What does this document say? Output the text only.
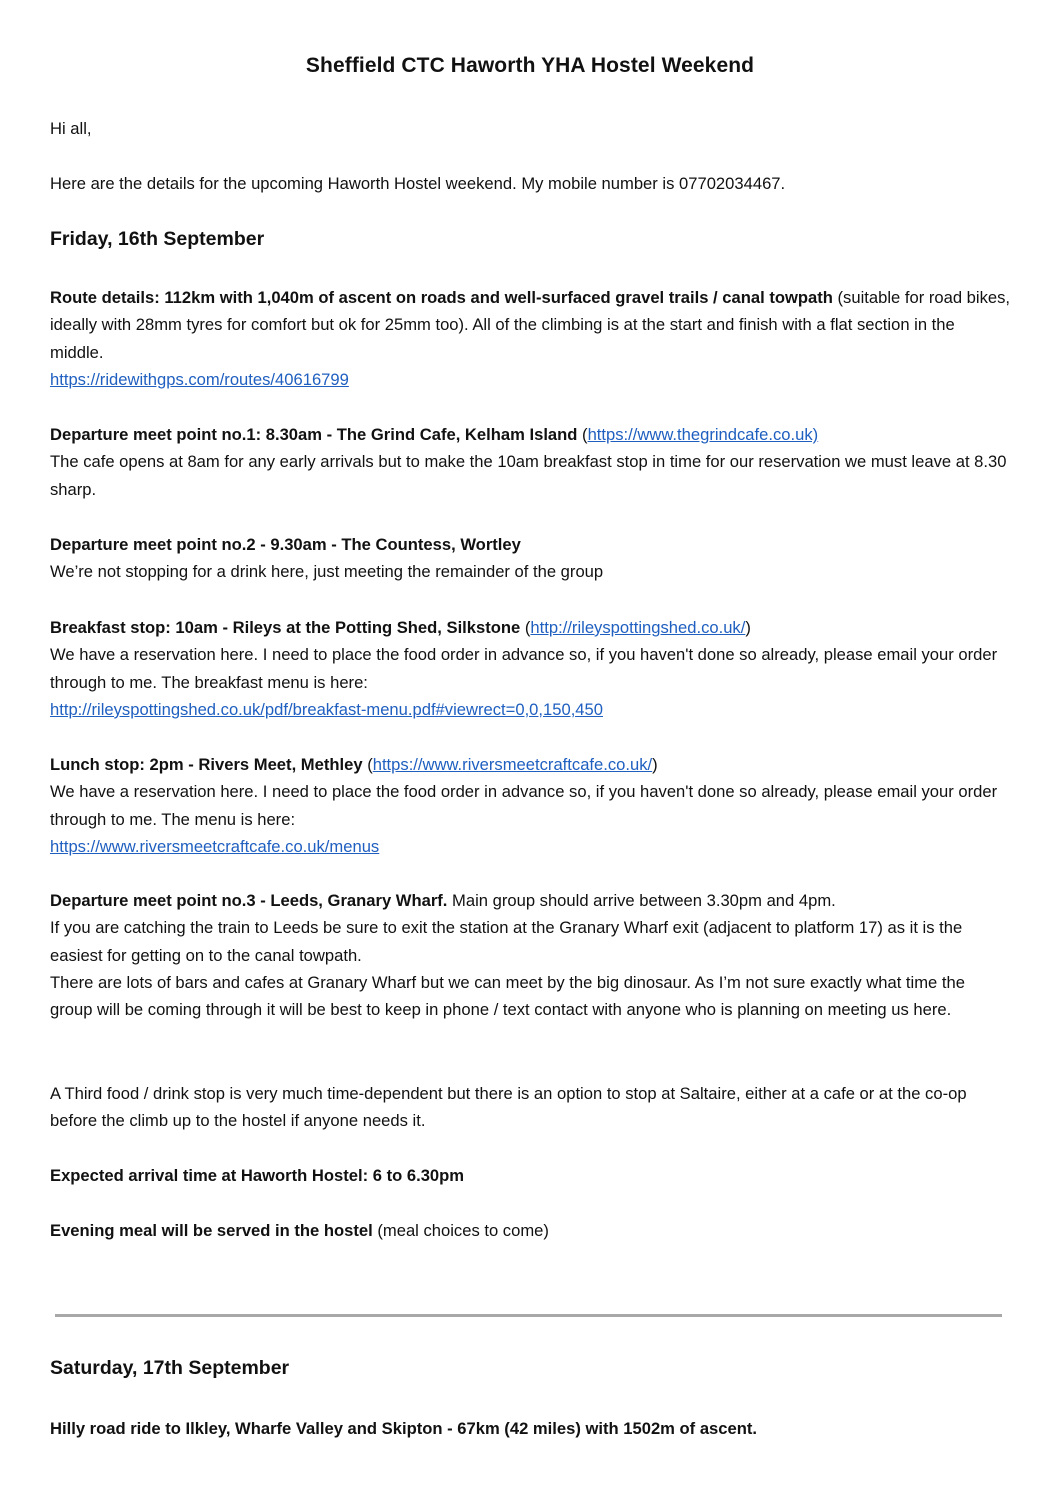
Sheffield CTC Haworth YHA Hostel Weekend

Hi all,

Here are the details for the upcoming Haworth Hostel weekend. My mobile number is 07702034467.

Friday, 16th September
Route details: 112km with 1,040m of ascent on roads and well-surfaced gravel trails / canal towpath (suitable for road bikes, ideally with 28mm tyres for comfort but ok for 25mm too). All of the climbing is at the start and finish with a flat section in the middle.
https://ridewithgps.com/routes/40616799
Departure meet point no.1: 8.30am - The Grind Cafe, Kelham Island (https://www.thegrindcafe.co.uk)
The cafe opens at 8am for any early arrivals but to make the 10am breakfast stop in time for our reservation we must leave at 8.30 sharp.
Departure meet point no.2 - 9.30am - The Countess, Wortley
We’re not stopping for a drink here, just meeting the remainder of the group
Breakfast stop: 10am - Rileys at the Potting Shed, Silkstone (http://rileyspottingshed.co.uk/)
We have a reservation here. I need to place the food order in advance so, if you haven't done so already, please email your order through to me. The breakfast menu is here:
http://rileyspottingshed.co.uk/pdf/breakfast-menu.pdf#viewrect=0,0,150,450
Lunch stop: 2pm - Rivers Meet, Methley (https://www.riversmeetcraftcafe.co.uk/)
We have a reservation here. I need to place the food order in advance so, if you haven't done so already, please email your order through to me. The menu is here:
https://www.riversmeetcraftcafe.co.uk/menus
Departure meet point no.3 - Leeds, Granary Wharf. Main group should arrive between 3.30pm and 4pm.
If you are catching the train to Leeds be sure to exit the station at the Granary Wharf exit (adjacent to platform 17) as it is the easiest for getting on to the canal towpath.
There are lots of bars and cafes at Granary Wharf but we can meet by the big dinosaur. As I’m not sure exactly what time the group will be coming through it will be best to keep in phone / text contact with anyone who is planning on meeting us here.

A Third food / drink stop is very much time-dependent but there is an option to stop at Saltaire, either at a cafe or at the co-op before the climb up to the hostel if anyone needs it.

Expected arrival time at Haworth Hostel: 6 to 6.30pm

Evening meal will be served in the hostel (meal choices to come)
Saturday, 17th September

Hilly road ride to Ilkley, Wharfe Valley and Skipton - 67km (42 miles) with 1502m of ascent.
